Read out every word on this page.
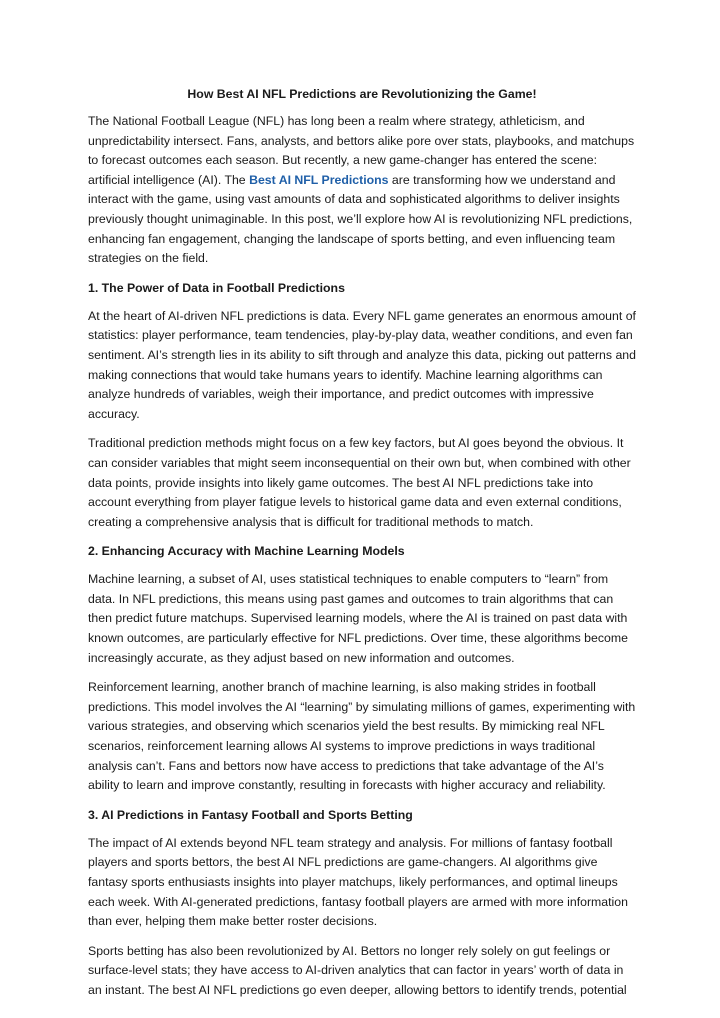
How Best AI NFL Predictions are Revolutionizing the Game!

The National Football League (NFL) has long been a realm where strategy, athleticism, and unpredictability intersect. Fans, analysts, and bettors alike pore over stats, playbooks, and matchups to forecast outcomes each season. But recently, a new game-changer has entered the scene: artificial intelligence (AI). The Best AI NFL Predictions are transforming how we understand and interact with the game, using vast amounts of data and sophisticated algorithms to deliver insights previously thought unimaginable. In this post, we’ll explore how AI is revolutionizing NFL predictions, enhancing fan engagement, changing the landscape of sports betting, and even influencing team strategies on the field.

1. The Power of Data in Football Predictions

At the heart of AI-driven NFL predictions is data. Every NFL game generates an enormous amount of statistics: player performance, team tendencies, play-by-play data, weather conditions, and even fan sentiment. AI’s strength lies in its ability to sift through and analyze this data, picking out patterns and making connections that would take humans years to identify. Machine learning algorithms can analyze hundreds of variables, weigh their importance, and predict outcomes with impressive accuracy.

Traditional prediction methods might focus on a few key factors, but AI goes beyond the obvious. It can consider variables that might seem inconsequential on their own but, when combined with other data points, provide insights into likely game outcomes. The best AI NFL predictions take into account everything from player fatigue levels to historical game data and even external conditions, creating a comprehensive analysis that is difficult for traditional methods to match.

2. Enhancing Accuracy with Machine Learning Models

Machine learning, a subset of AI, uses statistical techniques to enable computers to “learn” from data. In NFL predictions, this means using past games and outcomes to train algorithms that can then predict future matchups. Supervised learning models, where the AI is trained on past data with known outcomes, are particularly effective for NFL predictions. Over time, these algorithms become increasingly accurate, as they adjust based on new information and outcomes.

Reinforcement learning, another branch of machine learning, is also making strides in football predictions. This model involves the AI “learning” by simulating millions of games, experimenting with various strategies, and observing which scenarios yield the best results. By mimicking real NFL scenarios, reinforcement learning allows AI systems to improve predictions in ways traditional analysis can’t. Fans and bettors now have access to predictions that take advantage of the AI’s ability to learn and improve constantly, resulting in forecasts with higher accuracy and reliability.

3. AI Predictions in Fantasy Football and Sports Betting

The impact of AI extends beyond NFL team strategy and analysis. For millions of fantasy football players and sports bettors, the best AI NFL predictions are game-changers. AI algorithms give fantasy sports enthusiasts insights into player matchups, likely performances, and optimal lineups each week. With AI-generated predictions, fantasy football players are armed with more information than ever, helping them make better roster decisions.

Sports betting has also been revolutionized by AI. Bettors no longer rely solely on gut feelings or surface-level stats; they have access to AI-driven analytics that can factor in years’ worth of data in an instant. The best AI NFL predictions go even deeper, allowing bettors to identify trends, potential
